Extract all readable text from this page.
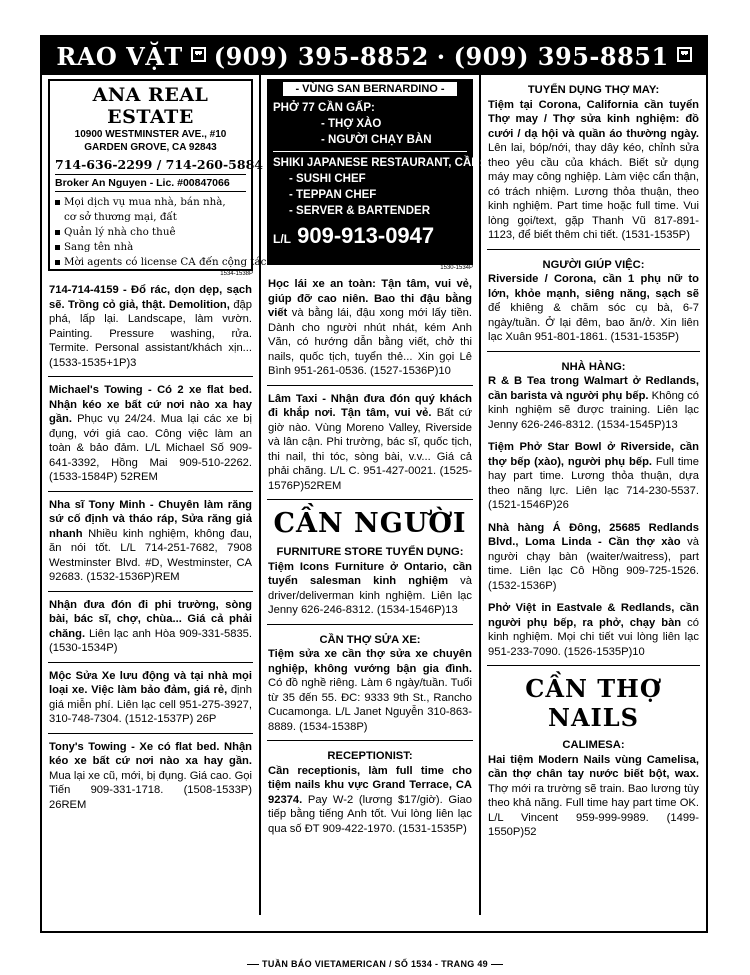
RAO VẶT (909) 395-8852 · (909) 395-8851
ANA REAL ESTATE
10900 WESTMINSTER AVE., #10
GARDEN GROVE, CA 92843
714-636-2299 / 714-260-5884
Broker An Nguyen - Lic. #00847066
Mọi dịch vụ mua nhà, bán nhà,
cơ sở thương mại, đất
Quản lý nhà cho thuê
Sang tên nhà
Mời agents có license CA đến cộng tác
1534-1538P
714-714-4159 - Đổ rác, dọn dẹp, sạch sẽ. Trồng cỏ giả, thật. Demolition, đập phá, lấp lại. Landscape, làm vườn. Painting. Pressure washing, rửa. Termite. Personal assistant/khách xịn... (1533-1535+1P)3
Michael's Towing - Có 2 xe flat bed. Nhận kéo xe bất cứ nơi nào xa hay gần. Phục vụ 24/24. Mua lại các xe bị đụng, với giá cao. Công việc làm an toàn & bảo đảm. L/L Michael Số 909-641-3392, Hồng Mai 909-510-2262. (1533-1584P) 52REM
Nha sĩ Tony Minh - Chuyên làm răng sứ cố định và tháo ráp, Sửa răng giả nhanh Nhiều kinh nghiệm, không đau, ăn nói tốt. L/L 714-251-7682, 7908 Westminster Blvd. #D, Westminster, CA 92683. (1532-1536P)REM
Nhận đưa đón đi phi trường, sòng bài, bác sĩ, chợ, chùa... Giá cả phải chăng. Liên lạc anh Hòa 909-331-5835. (1530-1534P)
Mộc Sửa Xe lưu động và tại nhà mọi loại xe. Việc làm bảo đảm, giá rẻ, định giá miễn phí. Liên lạc cell 951-275-3927, 310-748-7304. (1512-1537P) 26P
Tony's Towing - Xe có flat bed. Nhận kéo xe bất cứ nơi nào xa hay gần. Mua lại xe cũ, mới, bị đụng. Giá cao. Gọi Tiến 909-331-1718. (1508-1533P) 26REM
- VÙNG SAN BERNARDINO -
PHỞ 77 CẦN GẤP:
- THỢ XÀO
- NGƯỜI CHẠY BÀN
SHIKI JAPANESE RESTAURANT, CẦN:
- SUSHI CHEF
- TEPPAN CHEF
- SERVER & BARTENDER
L/L 909-913-0947
1530-1534P
Học lái xe an toàn: Tận tâm, vui vẻ, giúp đỡ cao niên. Bao thi đậu bằng viết và bằng lái, đậu xong mới lấy tiền. Dành cho người nhút nhát, kém Anh Văn, có hướng dẫn bằng viết, chở thi nails, quốc tịch, tuyển thẻ... Xin gọi Lê Bình 951-261-0536. (1527-1536P)10
Lâm Taxi - Nhận đưa đón quý khách đi khắp nơi. Tận tâm, vui vẻ. Bất cứ giờ nào. Vùng Moreno Valley, Riverside và lân cận. Phi trường, bác sĩ, quốc tịch, thi nail, thi tóc, sòng bài, v.v... Giá cả phải chăng. L/L C. 951-427-0021. (1525-1576P)52REM
CẦN NGƯỜI
FURNITURE STORE TUYỂN DỤNG:
Tiệm Icons Furniture ở Ontario, cần tuyển salesman kinh nghiệm và driver/deliverman kinh nghiệm. Liên lạc Jenny 626-246-8312. (1534-1546P)13
CẦN THỢ SỬA XE:
Tiệm sửa xe cần thợ sửa xe chuyên nghiệp, không vướng bận gia đình. Có đồ nghề riêng. Làm 6 ngày/tuần. Tuổi từ 35 đến 55. ĐC: 9333 9th St., Rancho Cucamonga. L/L Janet Nguyễn 310-863-8889. (1534-1538P)
RECEPTIONIST:
Cần receptionis, làm full time cho tiệm nails khu vực Grand Terrace, CA 92374. Pay W-2 (lương $17/giờ). Giao tiếp bằng tiếng Anh tốt. Vui lòng liên lạc qua số ĐT 909-422-1970. (1531-1535P)
TUYỂN DỤNG THỢ MAY:
Tiệm tại Corona, California cần tuyển Thợ may / Thợ sửa kinh nghiệm: đồ cưới / dạ hội và quần áo thường ngày. Lên lai, bóp/nới, thay dây kéo, chỉnh sửa theo yêu cầu của khách. Biết sử dụng máy may công nghiệp. Làm việc cẩn thận, có trách nhiệm. Lương thỏa thuận, theo kinh nghiệm. Part time hoặc full time. Vui lòng gọi/text, gặp Thanh Vũ 817-891-1123, để biết thêm chi tiết. (1531-1535P)
NGƯỜI GIÚP VIỆC:
Riverside / Corona, cần 1 phụ nữ to lớn, khỏe mạnh, siêng năng, sạch sẽ để khiêng & chăm sóc cụ bà, 6-7 ngày/tuần. Ở lại đêm, bao ăn/ở. Xin liên lạc Xuân 951-801-1861. (1531-1535P)
NHÀ HÀNG:
R & B Tea trong Walmart ở Redlands, cần barista và người phụ bếp. Không có kinh nghiệm sẽ được training. Liên lạc Jenny 626-246-8312. (1534-1545P)13
Tiệm Phở Star Bowl ở Riverside, cần thợ bếp (xào), người phụ bếp. Full time hay part time. Lương thỏa thuận, dựa theo năng lực. Liên lạc 714-230-5537. (1521-1546P)26
Nhà hàng Á Đông, 25685 Redlands Blvd., Loma Linda - Cần thợ xào và người chạy bàn (waiter/waitress), part time. Liên lạc Cô Hồng 909-725-1526. (1532-1536P)
Phở Việt in Eastvale & Redlands, cần người phụ bếp, ra phở, chạy bàn có kinh nghiệm. Mọi chi tiết vui lòng liên lạc 951-233-7090. (1526-1535P)10
CẦN THỢ NAILS
CALIMESA:
Hai tiệm Modern Nails vùng Camelisa, cần thợ chân tay nước biết bột, wax. Thợ mới ra trường sẽ train. Bao lương tùy theo khả năng. Full time hay part time OK. L/L Vincent 959-999-9989. (1499-1550P)52
TUẦN BÁO VIETAMERICAN / SỐ 1534 - TRANG 49
